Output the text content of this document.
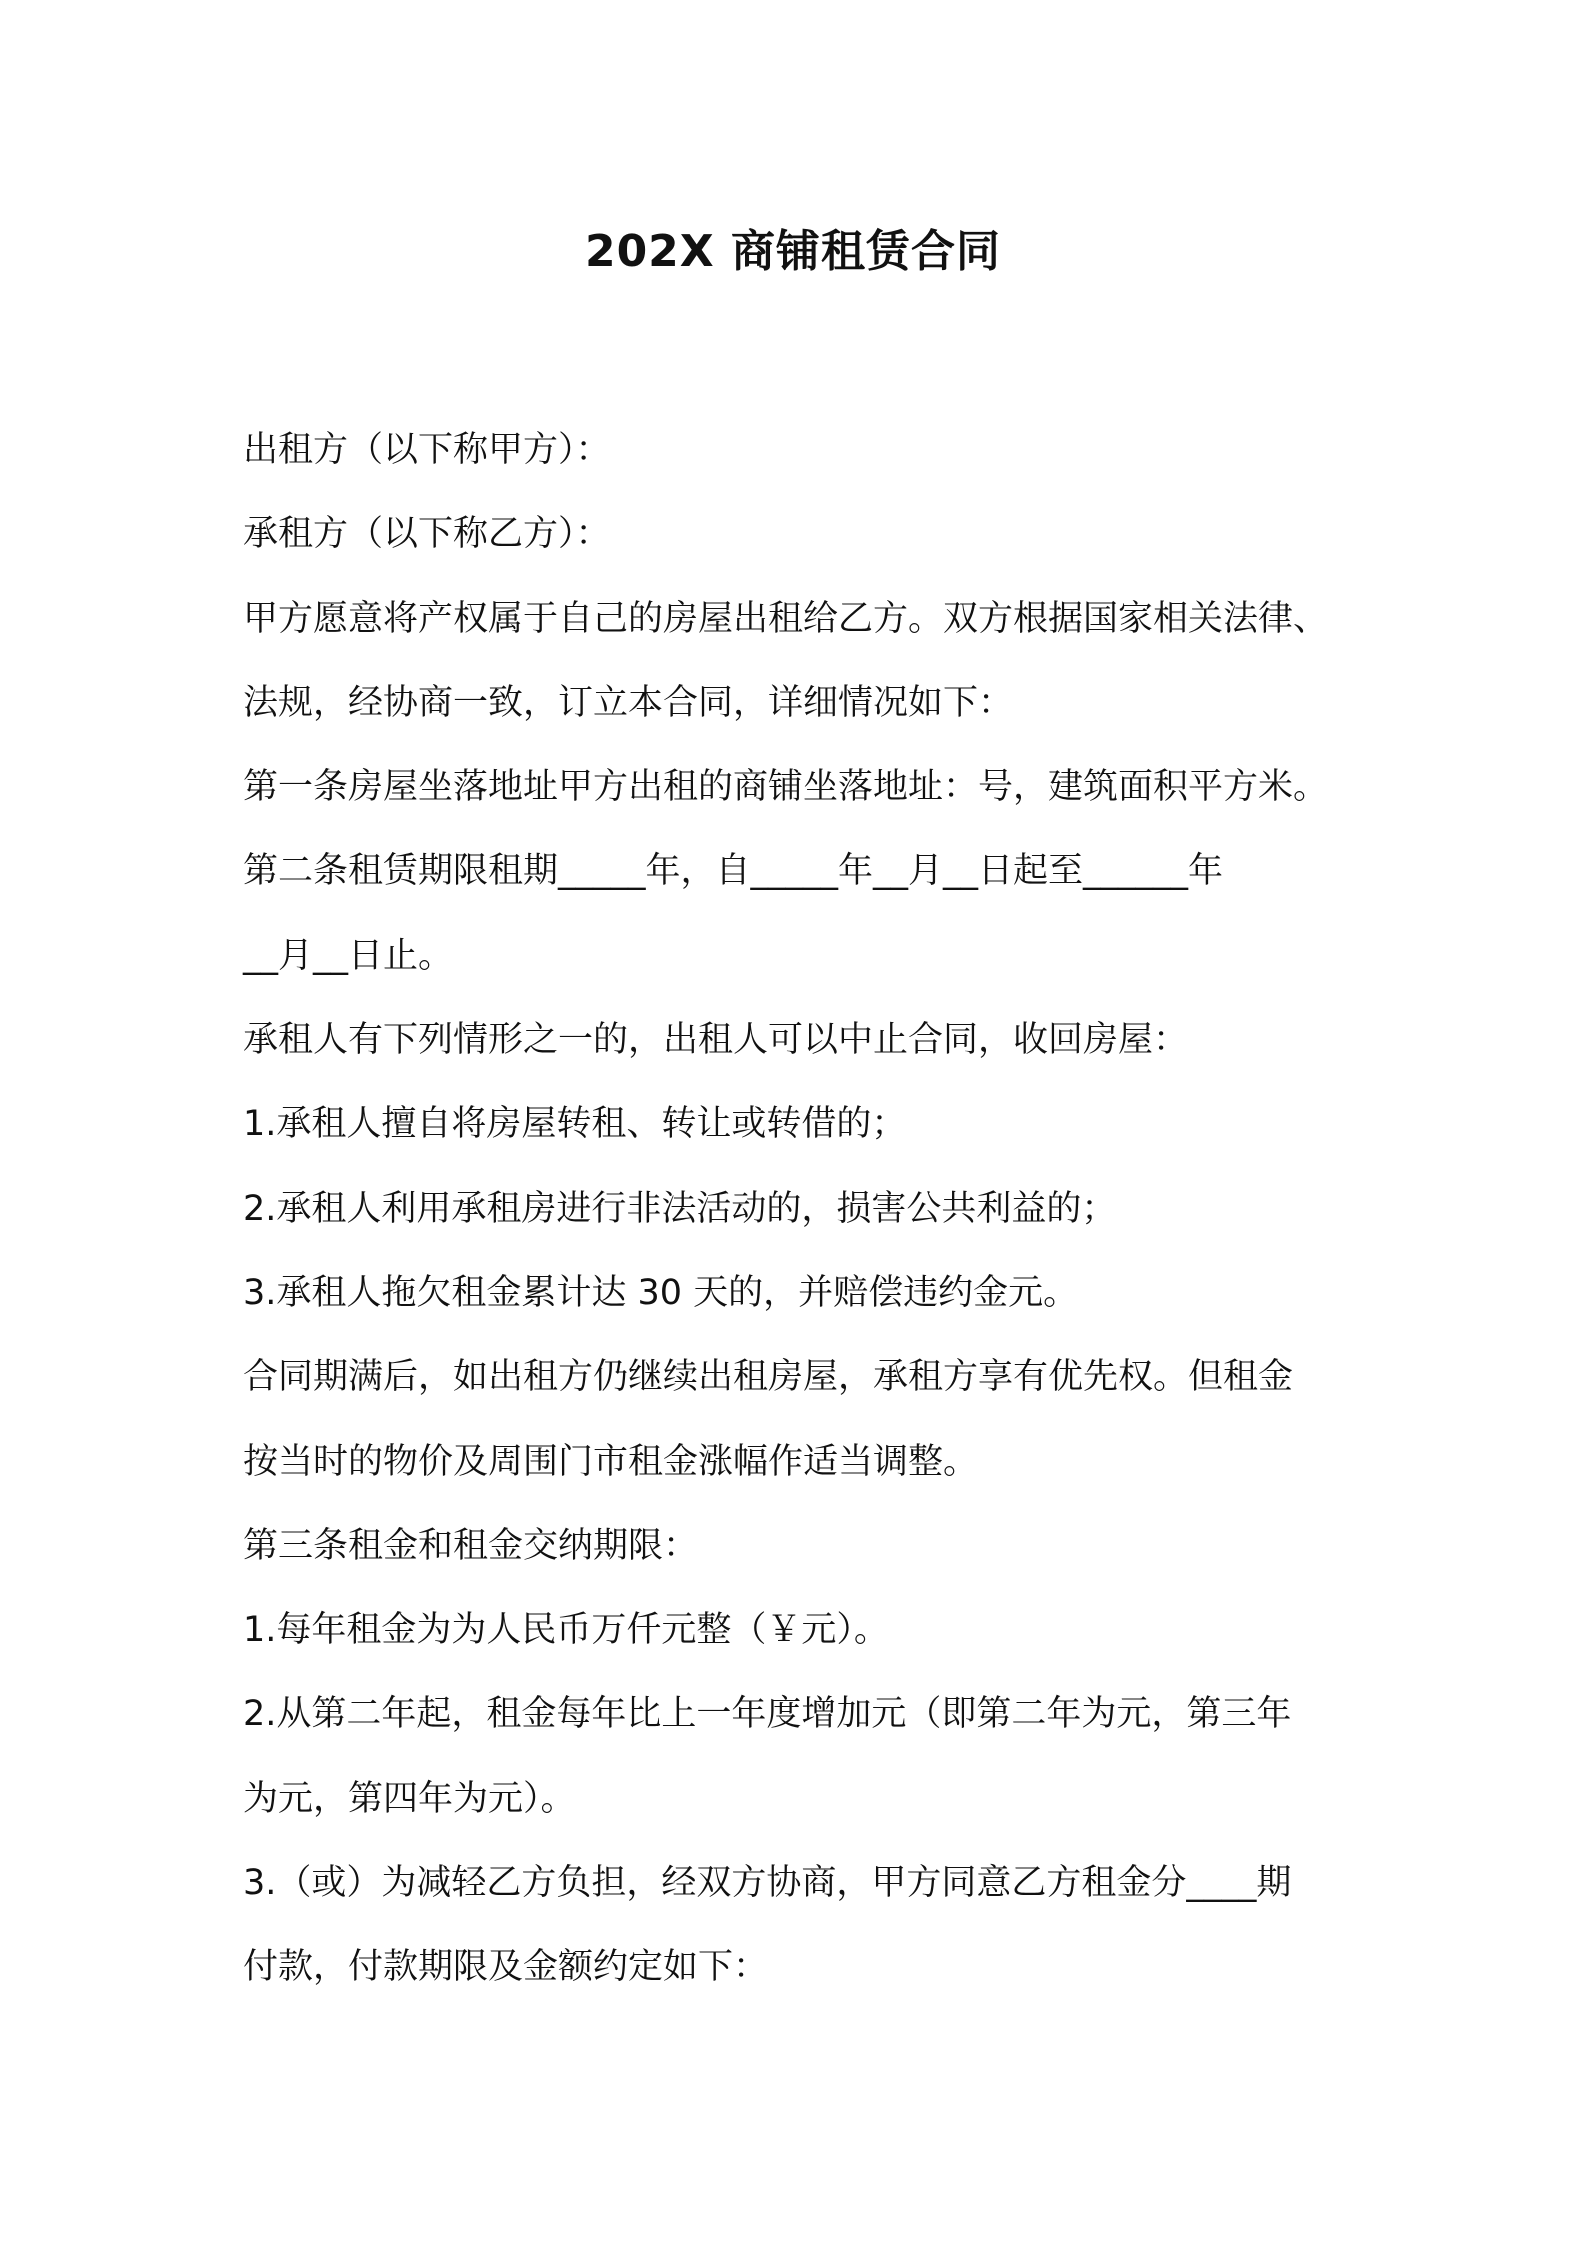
202X 商铺租赁合同

出租方（以下称甲方）：

承租方（以下称乙方）：

甲方愿意将产权属于自己的房屋出租给乙方。双方根据国家相关法律、

法规，经协商一致，订立本合同，详细情况如下：

第一条房屋坐落地址甲方出租的商铺坐落地址：号，建筑面积平方米。

第二条租赁期限租期_____年，自_____年__月__日起至______年

__月__日止。

承租人有下列情形之一的，出租人可以中止合同，收回房屋：

1.承租人擅自将房屋转租、转让或转借的；

2.承租人利用承租房进行非法活动的，损害公共利益的；

3.承租人拖欠租金累计达 30 天的，并赔偿违约金元。

合同期满后，如出租方仍继续出租房屋，承租方享有优先权。但租金

按当时的物价及周围门市租金涨幅作适当调整。

第三条租金和租金交纳期限：

1.每年租金为为人民币万仟元整（￥元）。

2.从第二年起，租金每年比上一年度增加元（即第二年为元，第三年

为元，第四年为元）。

3.（或）为减轻乙方负担，经双方协商，甲方同意乙方租金分____期

付款，付款期限及金额约定如下：
